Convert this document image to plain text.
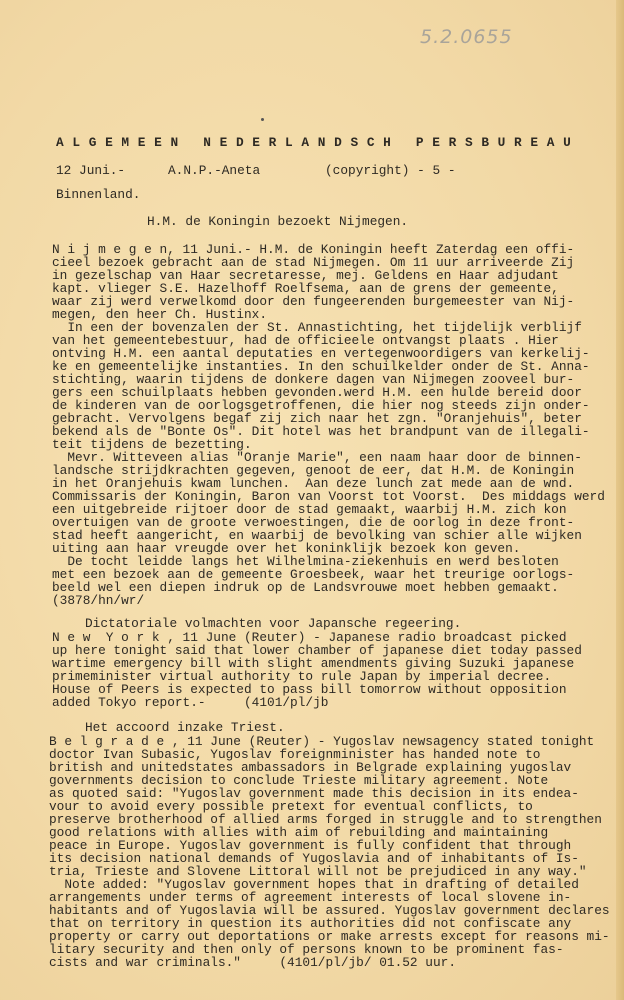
5.2.0655
A L G E M E E N   N E D E R L A N D S C H   P E R S B U R E A U
12 Juni.-	A.N.P.-Aneta	(copyright) - 5 -
Binnenland.
H.M. de Koningin bezoekt Nijmegen.
N i j m e g e n, 11 Juni.- H.M. de Koningin heeft Zaterdag een offi-
cieel bezoek gebracht aan de stad Nijmegen. Om 11 uur arriveerde Zij
in gezelschap van Haar secretaresse, mej. Geldens en Haar adjudant
kapt. vlieger S.E. Hazelhoff Roelfsema, aan de grens der gemeente,
waar zij werd verwelkomd door den fungeerenden burgemeester van Nij-
megen, den heer Ch. Hustinx.
In een der bovenzalen der St. Annastichting, het tijdelijk verblijf
van het gemeentebestuur, had de officieele ontvangst plaats . Hier
ontving H.M. een aantal deputaties en vertegenwoordigers van kerkelij-
ke en gemeentelijke instanties. In den schuilkelder onder de St. Anna-
stichting, waarin tijdens de donkere dagen van Nijmegen zooveel bur-
gers een schuilplaats hebben gevonden.werd H.M. een hulde bereid door
de kinderen van de oorlogsgetroffenen, die hier nog steeds zijn onder-
gebracht. Vervolgens begaf zij zich naar het zgn. "Oranjehuis", beter
bekend als de "Bonte Os". Dit hotel was het brandpunt van de illegali-
teit tijdens de bezetting.
Mevr. Witteveen alias "Oranje Marie", een naam haar door de binnen-
landsche strijdkrachten gegeven, genoot de eer, dat H.M. de Koningin
in het Oranjehuis kwam lunchen.  Aan deze lunch zat mede aan de wnd.
Commissaris der Koningin, Baron van Voorst tot Voorst.  Des middags werd
een uitgebreide rijtoer door de stad gemaakt, waarbij H.M. zich kon
overtuigen van de groote verwoestingen, die de oorlog in deze front-
stad heeft aangericht, en waarbij de bevolking van schier alle wijken
uiting aan haar vreugde over het koninklijk bezoek kon geven.
De tocht leidde langs het Wilhelmina-ziekenhuis en werd besloten
met een bezoek aan de gemeente Groesbeek, waar het treurige oorlogs-
beeld wel een diepen indruk op de Landsvrouwe moet hebben gemaakt.
(3878/hn/wr/
Dictatoriale volmachten voor Japansche regeering.
N e w  Y o r k , 11 June (Reuter) - Japanese radio broadcast picked
up here tonight said that lower chamber of japanese diet today passed
wartime emergency bill with slight amendments giving Suzuki japanese
primeminister virtual authority to rule Japan by imperial decree.
House of Peers is expected to pass bill tomorrow without opposition
added Tokyo report.-     (4101/pl/jb
Het accoord inzake Triest.
B e l g r a d e , 11 June (Reuter) - Yugoslav newsagency stated tonight
doctor Ivan Subasic, Yugoslav foreignminister has handed note to
british and unitedstates ambassadors in Belgrade explaining yugoslav
governments decision to conclude Trieste military agreement. Note
as quoted said: "Yugoslav government made this decision in its endea-
vour to avoid every possible pretext for eventual conflicts, to
preserve brotherhood of allied arms forged in struggle and to strengthen
good relations with allies with aim of rebuilding and maintaining
peace in Europe. Yugoslav government is fully confident that through
its decision national demands of Yugoslavia and of inhabitants of Is-
tria, Trieste and Slovene Littoral will not be prejudiced in any way."
Note added: "Yugoslav government hopes that in drafting of detailed
arrangements under terms of agreement interests of local slovene in-
habitants and of Yugoslavia will be assured. Yugoslav government declares
that on territory in question its authorities did not confiscate any
property or carry out deportations or make arrests except for reasons mi-
litary security and then only of persons known to be prominent fas-
cists and war criminals."     (4101/pl/jb/ 01.52 uur.
